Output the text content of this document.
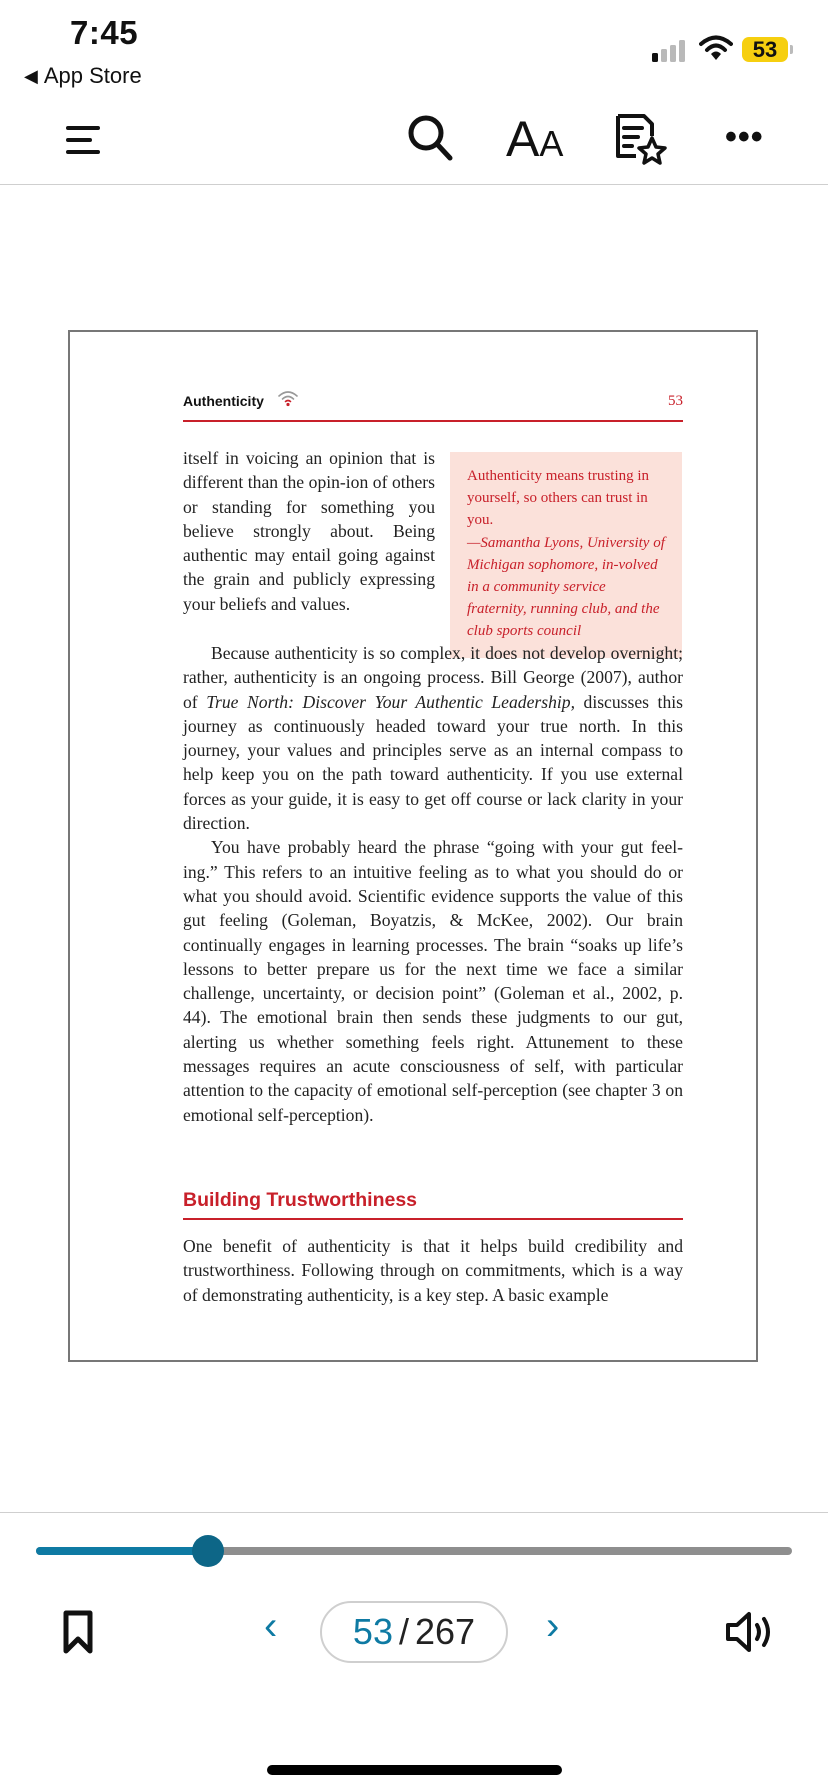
7:45
◀ App Store
53
AA	•••
Authenticity	53
itself in voicing an opinion that is different than the opin-ion of others or standing for something you believe strongly about. Being authentic may entail going against the grain and publicly expressing your beliefs and values.
Authenticity means trusting in yourself, so others can trust in you.
—Samantha Lyons, University of Michigan sophomore, in-volved in a community service fraternity, running club, and the club sports council

Because authenticity is so complex, it does not develop overnight; rather, authenticity is an ongoing process. Bill George (2007), author of True North: Discover Your Authentic Leadership, discusses this journey as continuously headed toward your true north. In this journey, your values and principles serve as an internal compass to help keep you on the path toward authenticity. If you use external forces as your guide, it is easy to get off course or lack clarity in your direction.

You have probably heard the phrase “going with your gut feel-ing.” This refers to an intuitive feeling as to what you should do or what you should avoid. Scientific evidence supports the value of this gut feeling (Goleman, Boyatzis, & McKee, 2002). Our brain continually engages in learning processes. The brain “soaks up life’s lessons to better prepare us for the next time we face a similar challenge, uncertainty, or decision point” (Goleman et al., 2002, p. 44). The emotional brain then sends these judgments to our gut, alerting us whether something feels right. Attunement to these messages requires an acute consciousness of self, with particular attention to the capacity of emotional self-perception (see chapter 3 on emotional self-perception).

Building Trustworthiness
One benefit of authenticity is that it helps build credibility and trustworthiness. Following through on commitments, which is a way of demonstrating authenticity, is a key step. A basic example
‹ 53 / 267 ›
